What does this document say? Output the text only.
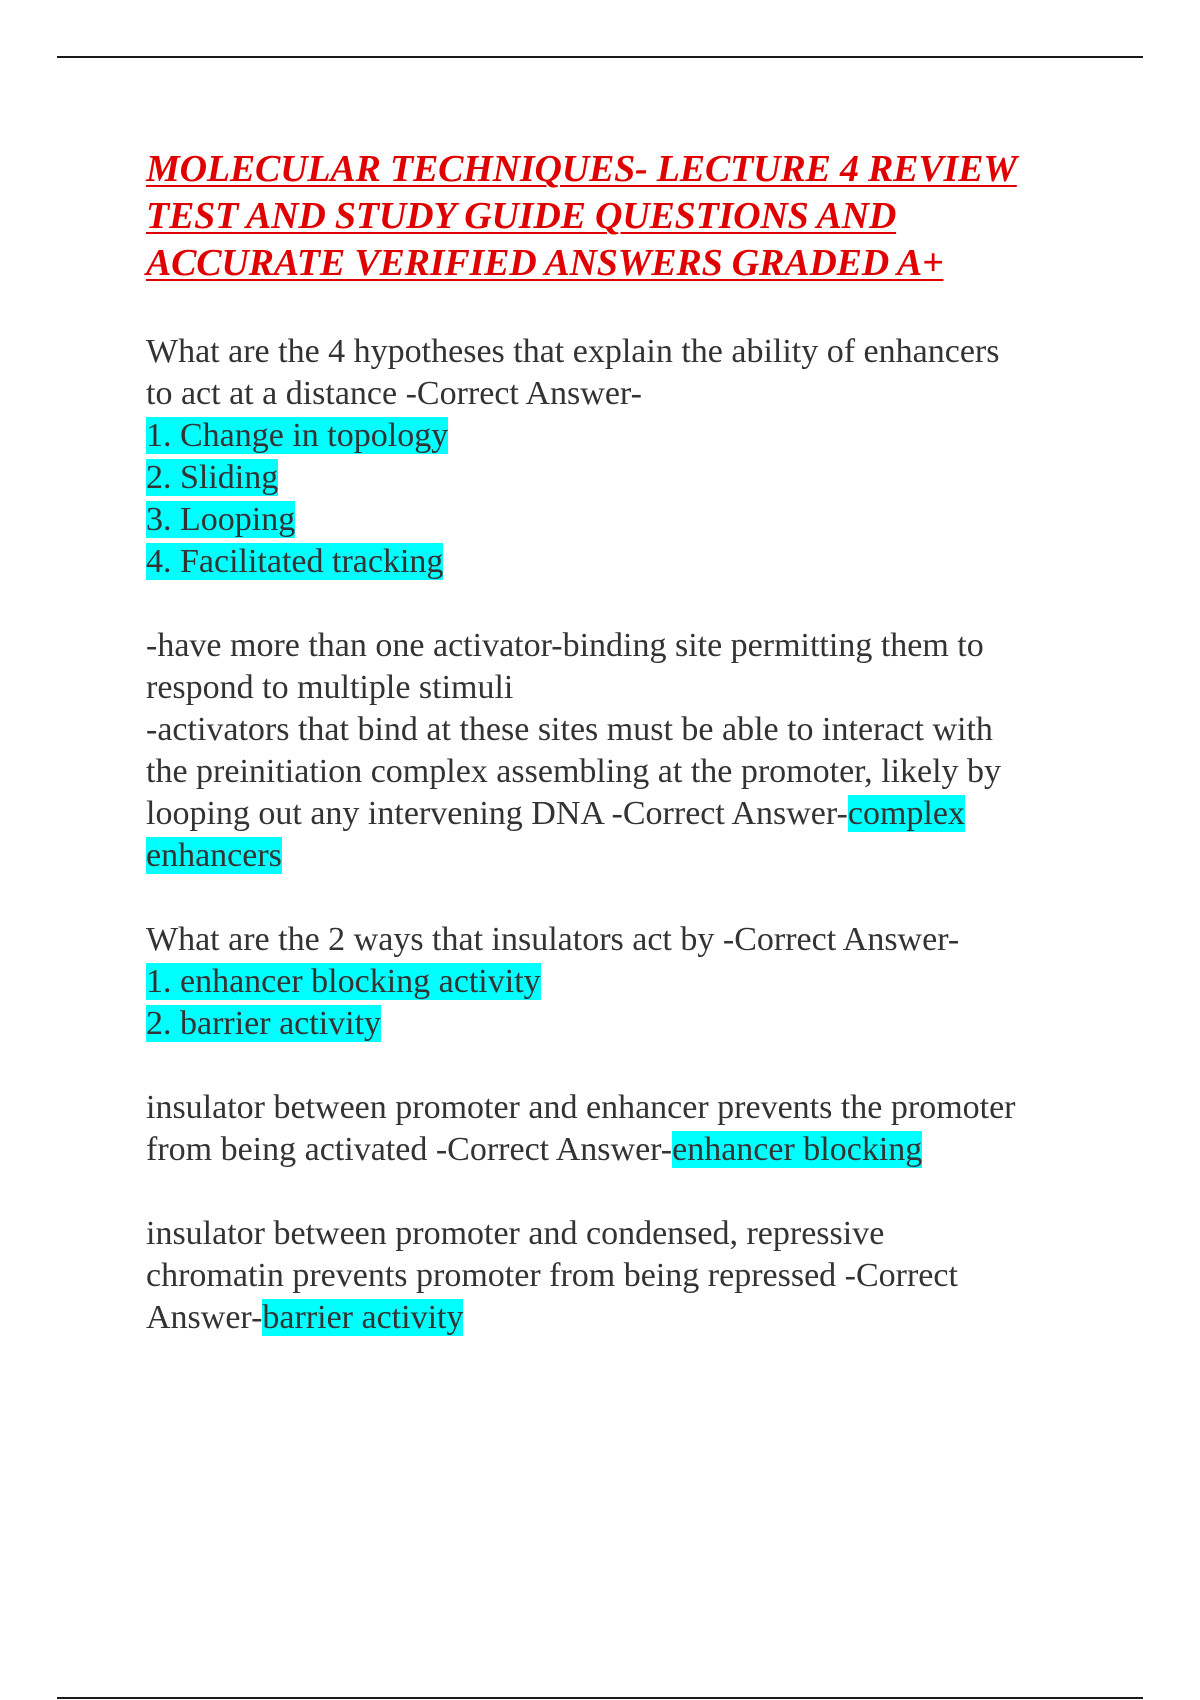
MOLECULAR TECHNIQUES- LECTURE 4 REVIEW
TEST AND STUDY GUIDE QUESTIONS AND
ACCURATE VERIFIED ANSWERS GRADED A+
What are the 4 hypotheses that explain the ability of enhancers
to act at a distance -Correct Answer-
1. Change in topology
2. Sliding
3. Looping
4. Facilitated tracking
-have more than one activator-binding site permitting them to
respond to multiple stimuli
-activators that bind at these sites must be able to interact with
the preinitiation complex assembling at the promoter, likely by
looping out any intervening DNA -Correct Answer-complex
enhancers
What are the 2 ways that insulators act by -Correct Answer-
1. enhancer blocking activity
2. barrier activity
insulator between promoter and enhancer prevents the promoter
from being activated -Correct Answer-enhancer blocking
insulator between promoter and condensed, repressive
chromatin prevents promoter from being repressed -Correct
Answer-barrier activity
